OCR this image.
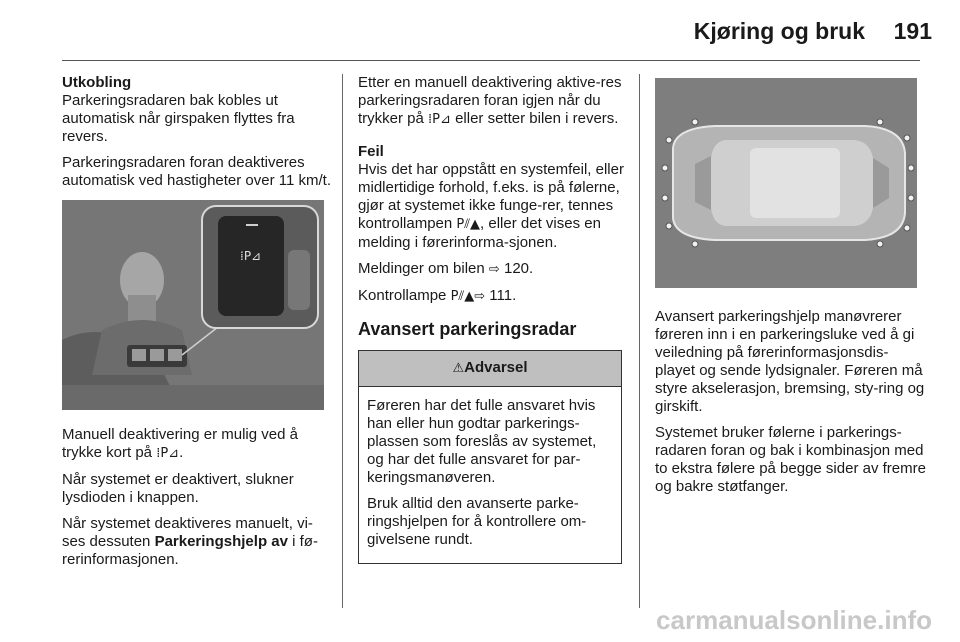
Kjøring og bruk 191

Utkobling
Parkeringsradaren bak kobles ut automatisk når girspaken flyttes fra revers.

Parkeringsradaren foran deaktiveres automatisk ved hastigheter over 11 km/t.

⁞P⊿

Manuell deaktivering er mulig ved å trykke kort på ⁞P⊿.

Når systemet er deaktivert, slukner lysdioden i knappen.

Når systemet deaktiveres manuelt, vi-ses dessuten Parkeringshjelp av i fø-rerinformasjonen.

Etter en manuell deaktivering aktive-res parkeringsradaren foran igjen når du trykker på ⁞P⊿ eller setter bilen i revers.

Feil
Hvis det har oppstått en systemfeil, eller midlertidige forhold, f.eks. is på følerne, gjør at systemet ikke funge-rer, tennes kontrollampen P⫽▲, eller det vises en melding i førerinforma-sjonen.

Meldinger om bilen ⇨ 120.

Kontrollampe P⫽▲⇨ 111.

Avansert parkeringsradar
⚠Advarsel

Føreren har det fulle ansvaret hvis han eller hun godtar parkerings-plassen som foreslås av systemet, og har det fulle ansvaret for par-keringsmanøveren.

Bruk alltid den avanserte parke-ringshjelpen for å kontrollere om-givelsene rundt.

Avansert parkeringshjelp manøvrerer føreren inn i en parkeringsluke ved å gi veiledning på førerinformasjonsdis-playet og sende lydsignaler. Føreren må styre akselerasjon, bremsing, sty-ring og girskift.

Systemet bruker følerne i parkerings-radaren foran og bak i kombinasjon med to ekstra følere på begge sider av fremre og bakre støtfanger.

carmanualsonline.info
